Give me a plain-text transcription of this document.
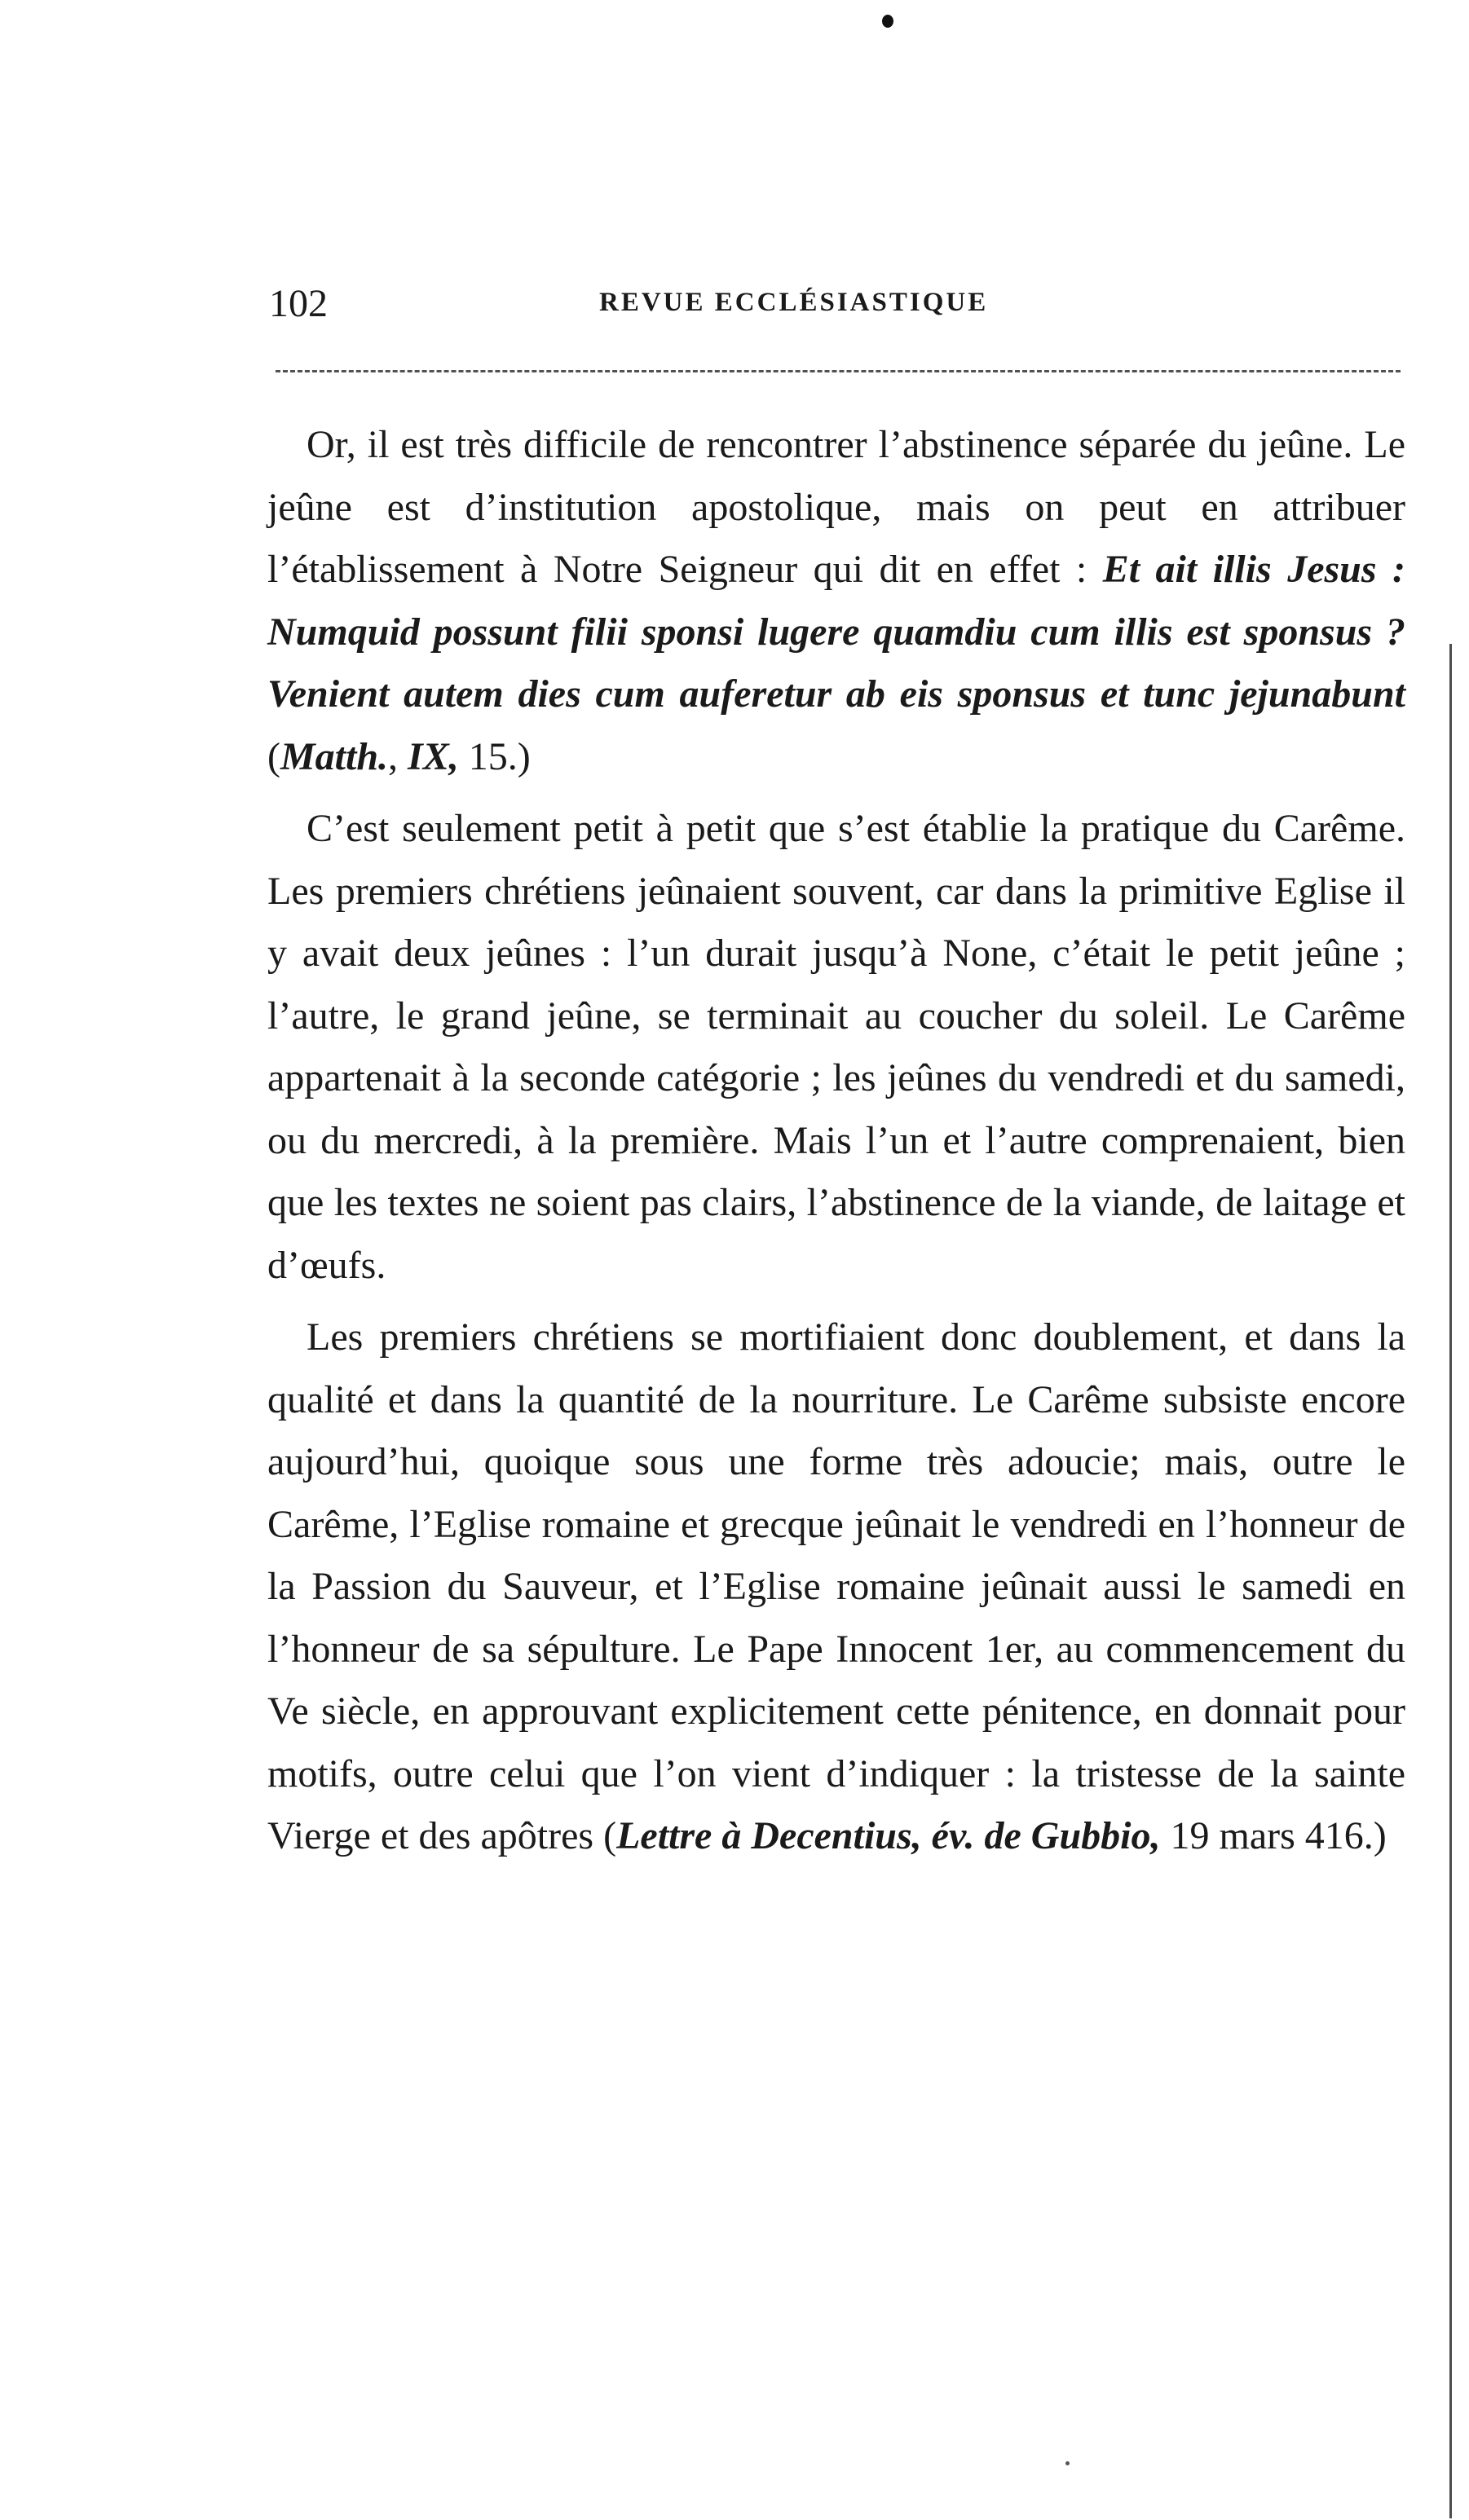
102	REVUE ECCLÉSIASTIQUE

Or, il est très difficile de rencontrer l’abstinence séparée du jeûne. Le jeûne est d’institution apostolique, mais on peut en attribuer l’établissement à Notre Seigneur qui dit en effet : Et ait illis Jesus : Numquid possunt filii sponsi lugere quamdiu cum illis est sponsus ? Venient autem dies cum auferetur ab eis sponsus et tunc jejunabunt (Matth., IX, 15.)

C’est seulement petit à petit que s’est établie la pratique du Carême. Les premiers chrétiens jeûnaient souvent, car dans la primitive Eglise il y avait deux jeûnes : l’un durait jusqu’à None, c’était le petit jeûne ; l’autre, le grand jeûne, se terminait au coucher du soleil. Le Carême appartenait à la seconde catégorie ; les jeûnes du vendredi et du samedi, ou du mercredi, à la première. Mais l’un et l’autre comprenaient, bien que les textes ne soient pas clairs, l’abstinence de la viande, de laitage et d’œufs.

Les premiers chrétiens se mortifiaient donc doublement, et dans la qualité et dans la quantité de la nourriture. Le Carême subsiste encore aujourd’hui, quoique sous une forme très adoucie; mais, outre le Carême, l’Eglise romaine et grecque jeûnait le vendredi en l’honneur de la Passion du Sauveur, et l’Eglise romaine jeûnait aussi le samedi en l’honneur de sa sépulture. Le Pape Innocent 1er, au commencement du Ve siècle, en approuvant explicitement cette pénitence, en donnait pour motifs, outre celui que l’on vient d’indiquer : la tristesse de la sainte Vierge et des apôtres (Lettre à Decentius, év. de Gubbio, 19 mars 416.)
